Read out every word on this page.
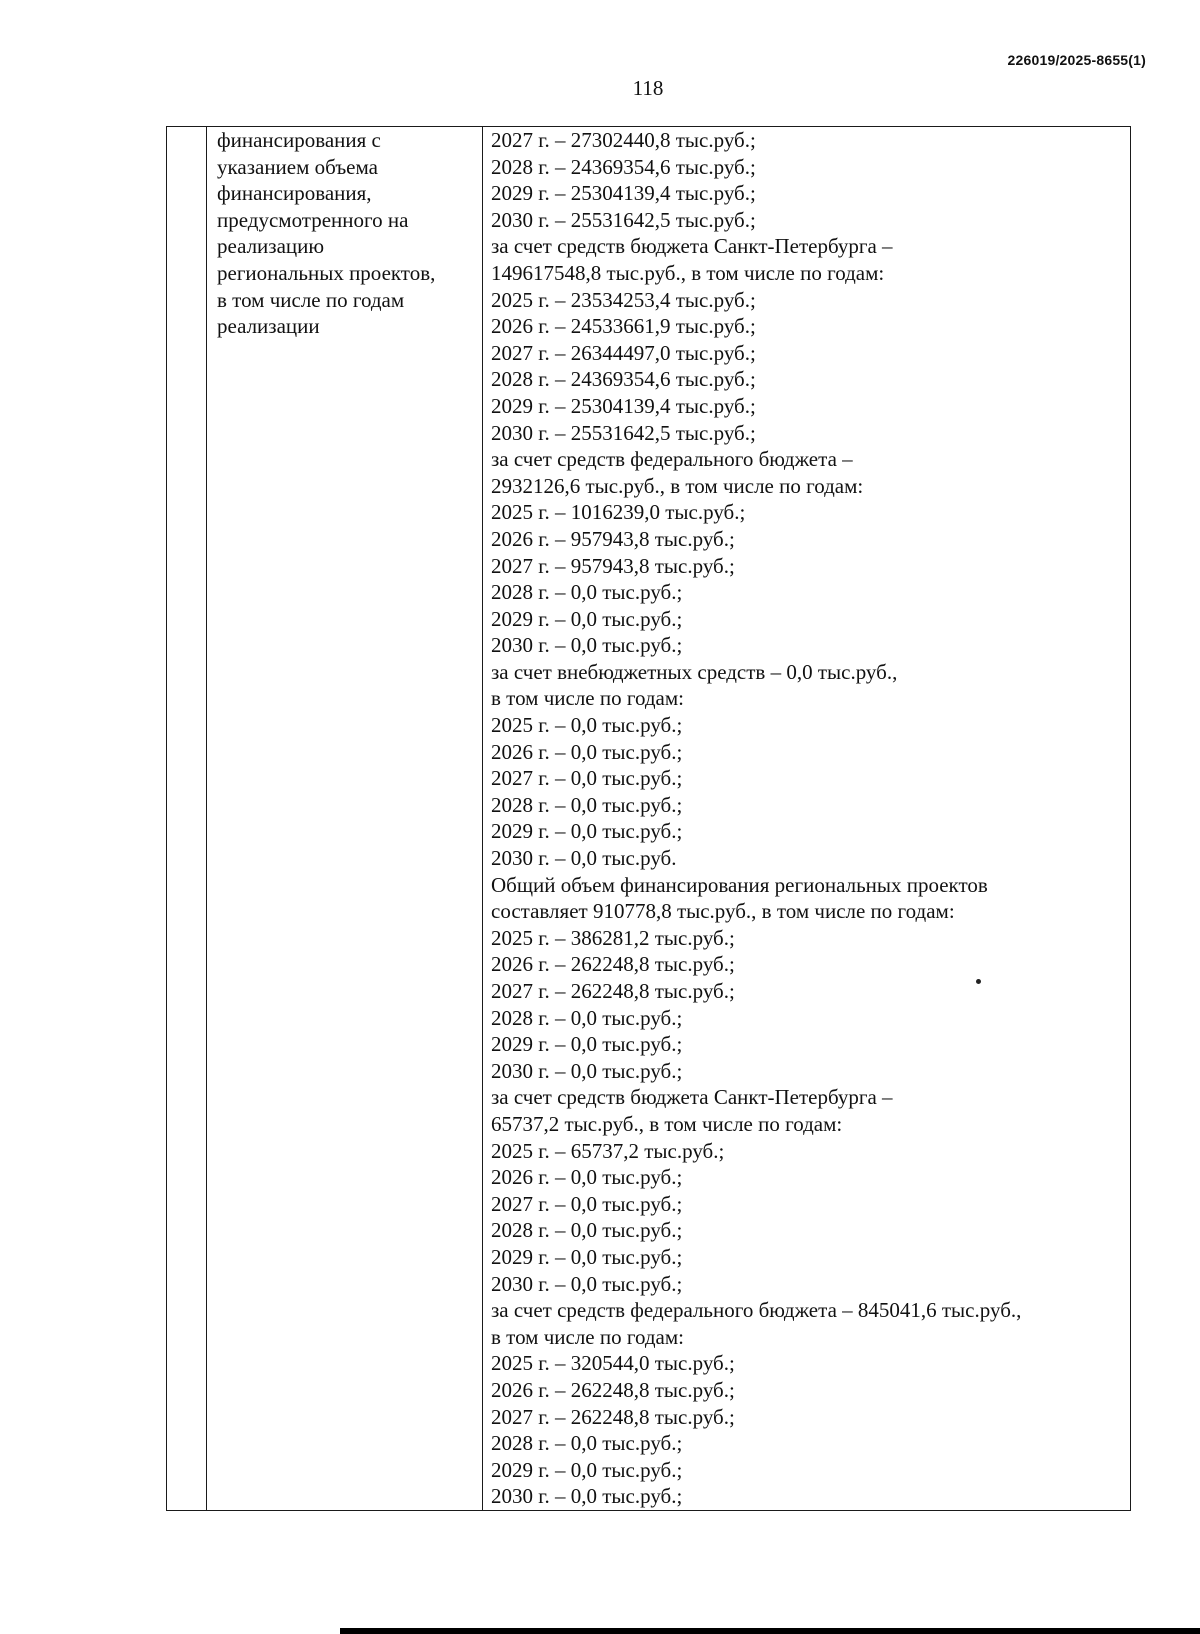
226019/2025-8655(1)
118

финансирования с
указанием объема
финансирования,
предусмотренного на
реализацию
региональных проектов,
в том числе по годам
реализации

2027 г. – 27302440,8 тыс.руб.;
2028 г. – 24369354,6 тыс.руб.;
2029 г. – 25304139,4 тыс.руб.;
2030 г. – 25531642,5 тыс.руб.;
за счет средств бюджета Санкт-Петербурга –
149617548,8 тыс.руб., в том числе по годам:
2025 г. – 23534253,4 тыс.руб.;
2026 г. – 24533661,9 тыс.руб.;
2027 г. – 26344497,0 тыс.руб.;
2028 г. – 24369354,6 тыс.руб.;
2029 г. – 25304139,4 тыс.руб.;
2030 г. – 25531642,5 тыс.руб.;
за счет средств федерального бюджета –
2932126,6 тыс.руб., в том числе по годам:
2025 г. – 1016239,0 тыс.руб.;
2026 г. – 957943,8 тыс.руб.;
2027 г. – 957943,8 тыс.руб.;
2028 г. – 0,0 тыс.руб.;
2029 г. – 0,0 тыс.руб.;
2030 г. – 0,0 тыс.руб.;
за счет внебюджетных средств – 0,0 тыс.руб.,
в том числе по годам:
2025 г. – 0,0 тыс.руб.;
2026 г. – 0,0 тыс.руб.;
2027 г. – 0,0 тыс.руб.;
2028 г. – 0,0 тыс.руб.;
2029 г. – 0,0 тыс.руб.;
2030 г. – 0,0 тыс.руб.
Общий объем финансирования региональных проектов
составляет 910778,8 тыс.руб., в том числе по годам:
2025 г. – 386281,2 тыс.руб.;
2026 г. – 262248,8 тыс.руб.;
2027 г. – 262248,8 тыс.руб.;
2028 г. – 0,0 тыс.руб.;
2029 г. – 0,0 тыс.руб.;
2030 г. – 0,0 тыс.руб.;
за счет средств бюджета Санкт-Петербурга –
65737,2 тыс.руб., в том числе по годам:
2025 г. – 65737,2 тыс.руб.;
2026 г. – 0,0 тыс.руб.;
2027 г. – 0,0 тыс.руб.;
2028 г. – 0,0 тыс.руб.;
2029 г. – 0,0 тыс.руб.;
2030 г. – 0,0 тыс.руб.;
за счет средств федерального бюджета – 845041,6 тыс.руб.,
в том числе по годам:
2025 г. – 320544,0 тыс.руб.;
2026 г. – 262248,8 тыс.руб.;
2027 г. – 262248,8 тыс.руб.;
2028 г. – 0,0 тыс.руб.;
2029 г. – 0,0 тыс.руб.;
2030 г. – 0,0 тыс.руб.;
